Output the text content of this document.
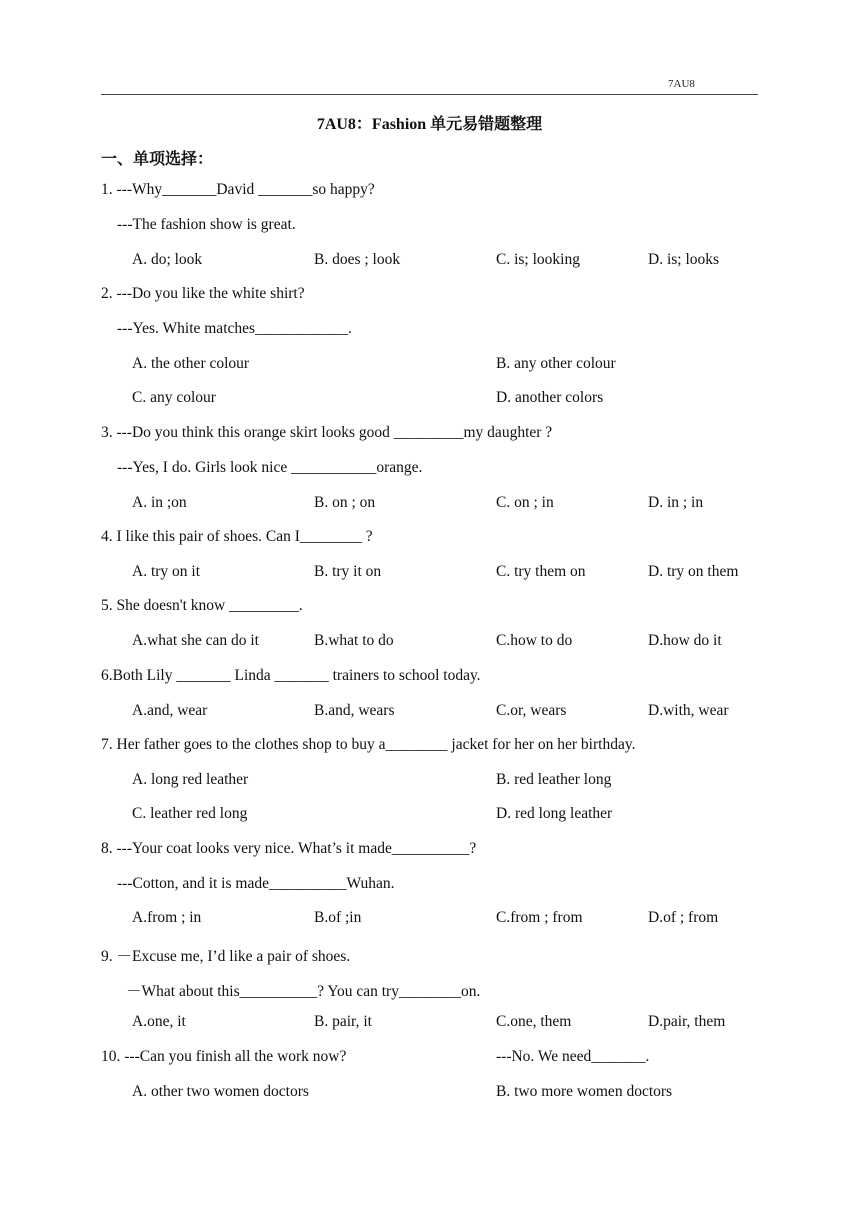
7AU8
7AU8：Fashion 单元易错题整理
一、单项选择：
1. ---Why_______David _______so happy?
---The fashion show is great.
A. do; look	B. does ; look	C. is; looking	D. is; looks
2. ---Do you like the white shirt?
---Yes. White matches____________.
A. the other colour	B. any other colour
C. any colour	D. another colors
3. ---Do you think this orange skirt looks good _________my daughter ?
---Yes, I do. Girls look nice ___________orange.
A. in ;on	B. on ; on	C. on ; in	D. in ; in
4. I like this pair of shoes. Can I________ ?
A. try on it	B. try it on	C. try them on	D. try on them
5. She doesn't know _________.
A.what she can do it	B.what to do	C.how to do	D.how do it
6.Both Lily _______ Linda _______ trainers to school today.
A.and, wear	B.and, wears	C.or, wears	D.with, wear
7. Her father goes to the clothes shop to buy a________ jacket for her on her birthday.
A. long red leather	B. red leather long
C. leather red long	D. red long leather
8. ---Your coat looks very nice. What’s it made__________?
---Cotton, and it is made__________Wuhan.
A.from ; in	B.of ;in	C.from ; from	D.of ; from
9. －Excuse me, I’d like a pair of shoes.
－What about this__________? You can try________on.
A.one, it	B. pair, it	C.one, them	D.pair, them
10. ---Can you finish all the work now?	---No. We need_______.
A. other two women doctors	B. two more women doctors
